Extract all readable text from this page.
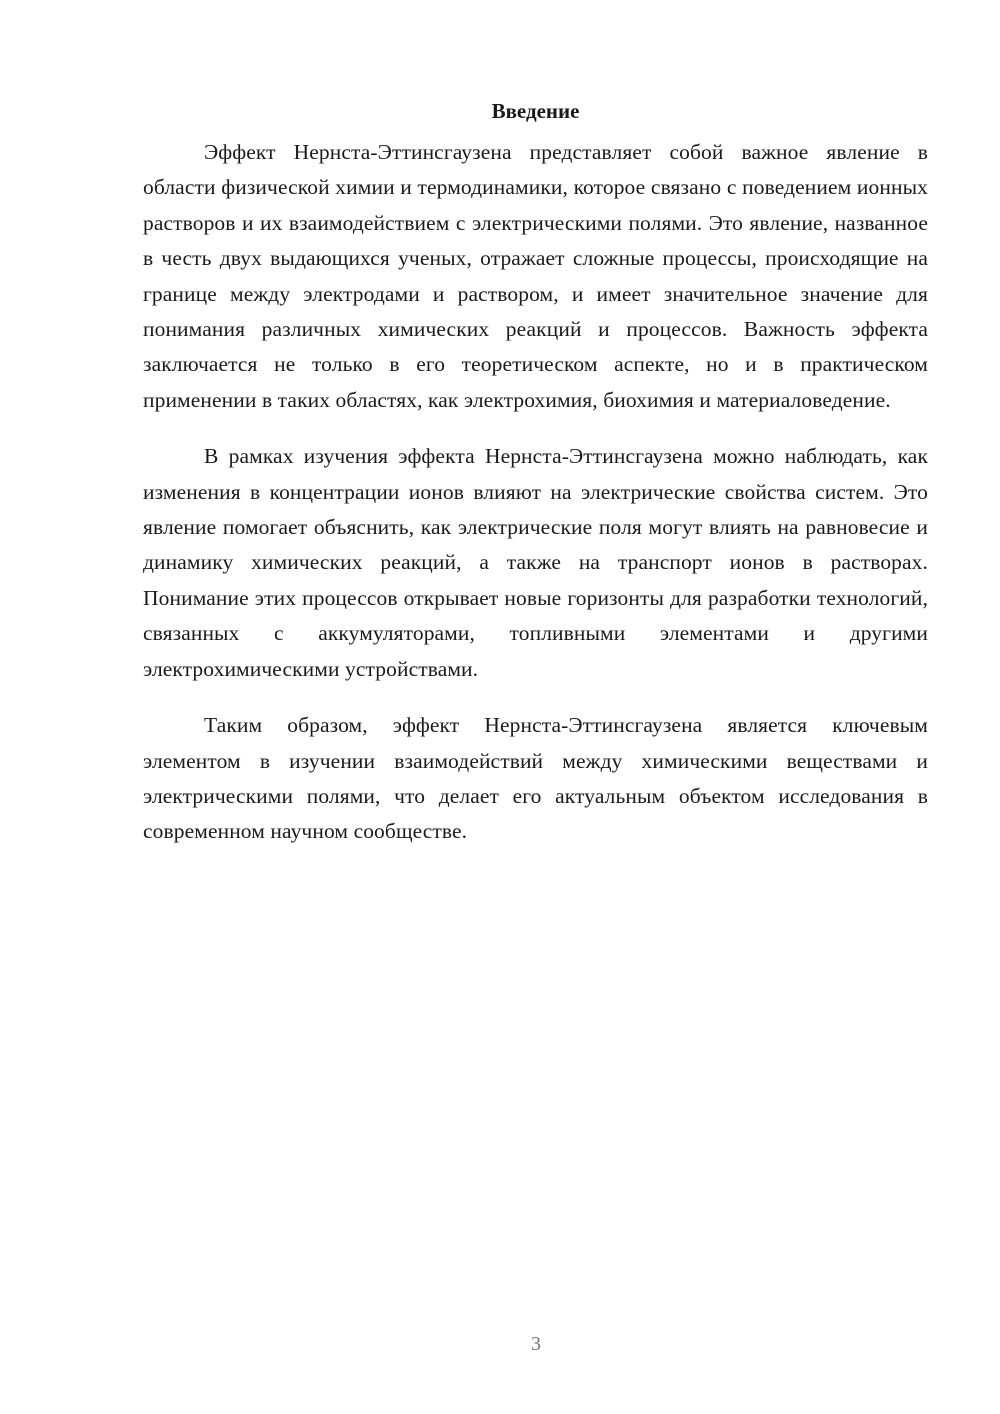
Введение

Эффект Нернста-Эттинсгаузена представляет собой важное явление в области физической химии и термодинамики, которое связано с поведением ионных растворов и их взаимодействием с электрическими полями. Это явление, названное в честь двух выдающихся ученых, отражает сложные процессы, происходящие на границе между электродами и раствором, и имеет значительное значение для понимания различных химических реакций и процессов. Важность эффекта заключается не только в его теоретическом аспекте, но и в практическом применении в таких областях, как электрохимия, биохимия и материаловедение.

В рамках изучения эффекта Нернста-Эттинсгаузена можно наблюдать, как изменения в концентрации ионов влияют на электрические свойства систем. Это явление помогает объяснить, как электрические поля могут влиять на равновесие и динамику химических реакций, а также на транспорт ионов в растворах. Понимание этих процессов открывает новые горизонты для разработки технологий, связанных с аккумуляторами, топливными элементами и другими электрохимическими устройствами.

Таким образом, эффект Нернста-Эттинсгаузена является ключевым элементом в изучении взаимодействий между химическими веществами и электрическими полями, что делает его актуальным объектом исследования в современном научном сообществе.

3
